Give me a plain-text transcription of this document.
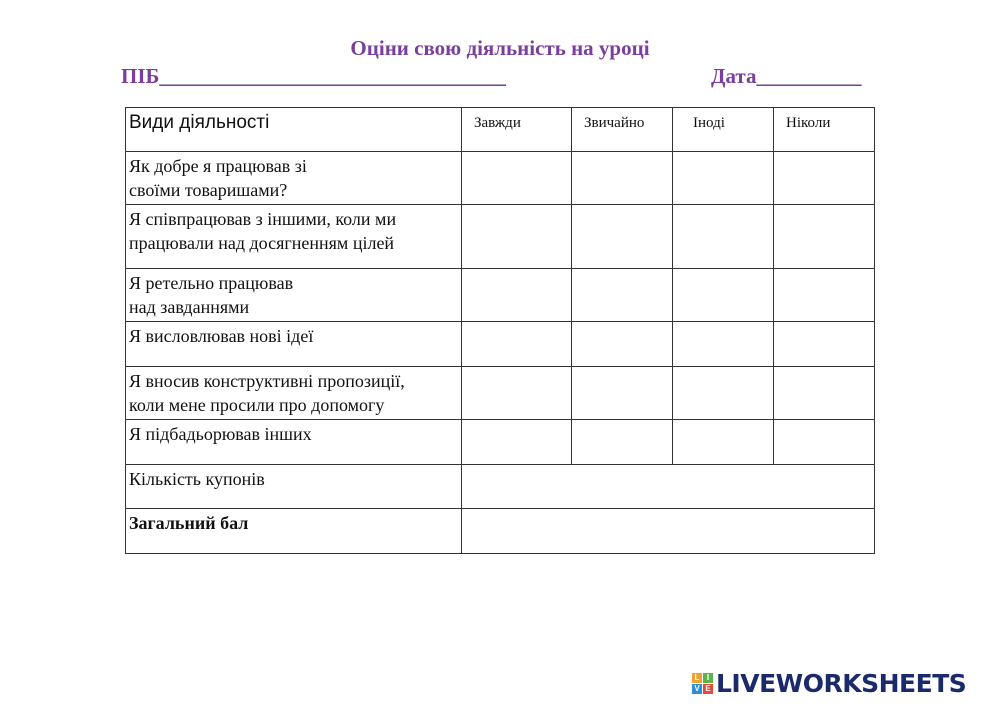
Оціни свою діяльність на уроці
ПІБ_________________________________	Дата__________
Види діяльності	Завжди	Звичайно	Іноді	Ніколи
Як добре я працював зі
своїми товаришами?				
Я співпрацював з іншими, коли ми
працювали над досягненням цілей				
Я ретельно працював
над завданнями				
Я висловлював нові ідеї				
Я вносив конструктивні пропозиції,
коли мене просили про допомогу				
Я підбадьорював інших				
Кількість купонів				
Загальний бал				
L I
V E LIVEWORKSHEETS
